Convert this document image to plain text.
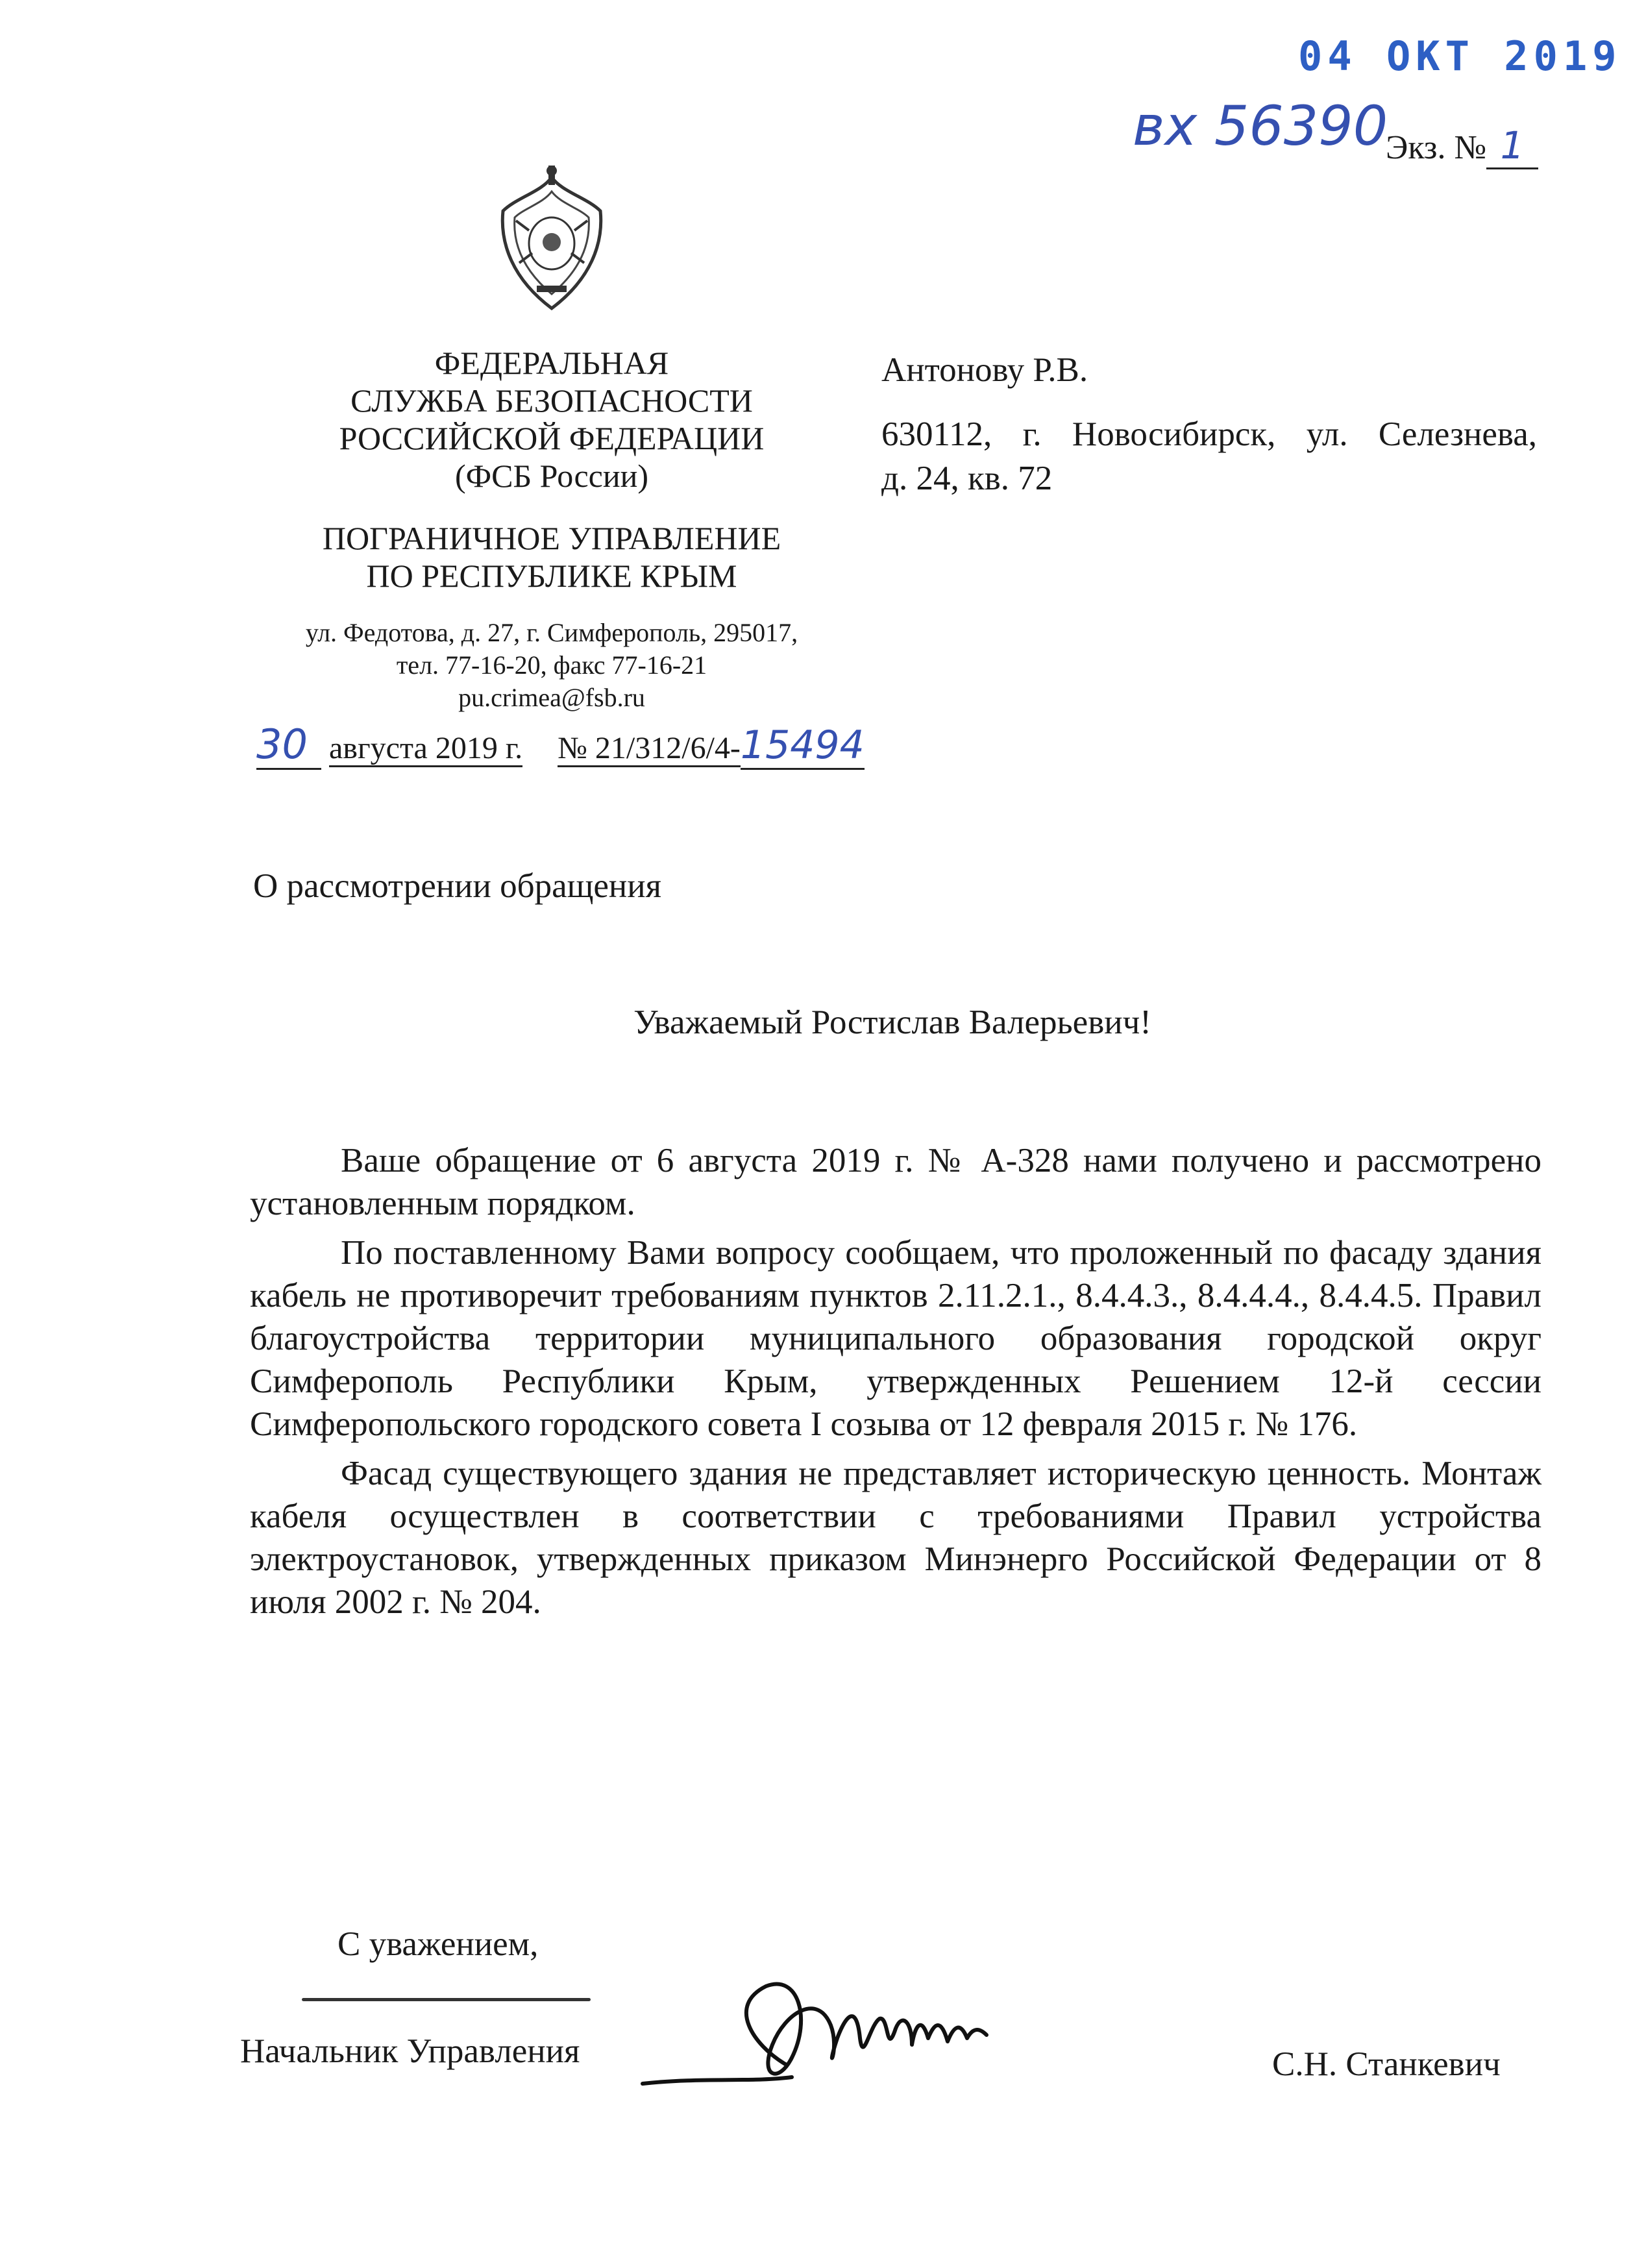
04 ОКТ 2019
вх 56390
Экз. № 1
ФЕДЕРАЛЬНАЯ
СЛУЖБА БЕЗОПАСНОСТИ
РОССИЙСКОЙ ФЕДЕРАЦИИ
(ФСБ России)
ПОГРАНИЧНОЕ УПРАВЛЕНИЕ
ПО РЕСПУБЛИКЕ КРЫМ
ул. Федотова, д. 27, г. Симферополь, 295017,
тел. 77-16-20, факс 77-16-21
pu.crimea@fsb.ru
30 августа 2019 г. № 21/312/6/4-15494
Антонову Р.В.
630112, г. Новосибирск, ул. Селезнева,
д. 24, кв. 72
О рассмотрении обращения
Уважаемый Ростислав Валерьевич!

Ваше обращение от 6 августа 2019 г. № А-328 нами получено и рассмотрено установленным порядком.

По поставленному Вами вопросу сообщаем, что проложенный по фасаду здания кабель не противоречит требованиям пунктов 2.11.2.1., 8.4.4.3., 8.4.4.4., 8.4.4.5. Правил благоустройства территории муниципального образования городской округ Симферополь Республики Крым, утвержденных Решением 12-й сессии Симферопольского городского совета I созыва от 12 февраля 2015 г. № 176.

Фасад существующего здания не представляет историческую ценность. Монтаж кабеля осуществлен в соответствии с требованиями Правил устройства электроустановок, утвержденных приказом Минэнерго Российской Федерации от 8 июля 2002 г. № 204.

С уважением,
Начальник Управления	С.Н. Станкевич
